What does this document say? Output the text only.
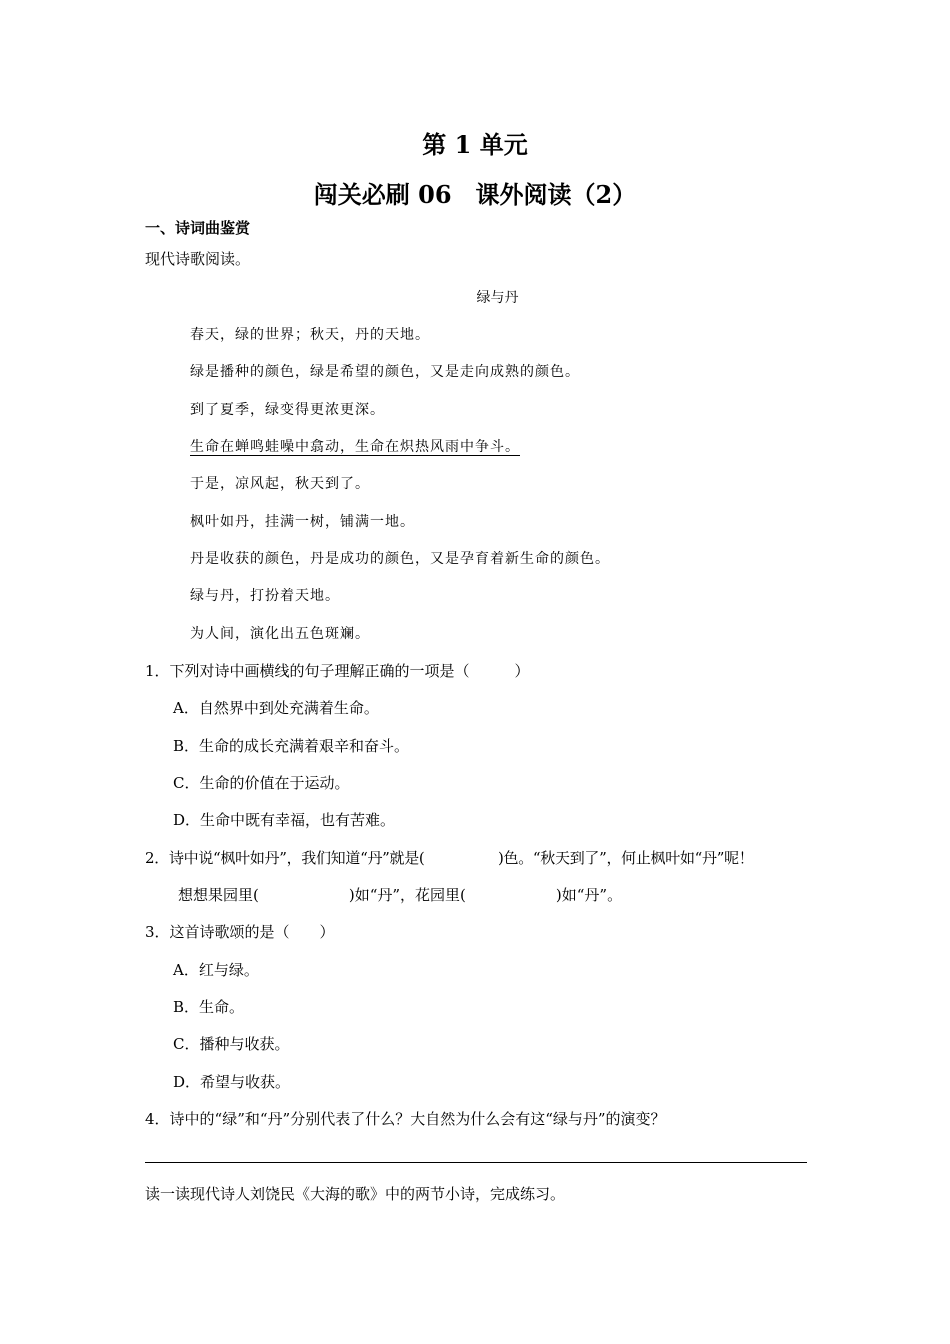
第 1 单元
闯关必刷 06　课外阅读（2）
一、诗词曲鉴赏
现代诗歌阅读。
绿与丹
春天，绿的世界；秋天，丹的天地。
绿是播种的颜色，绿是希望的颜色，又是走向成熟的颜色。
到了夏季，绿变得更浓更深。
生命在蝉鸣蛙噪中翕动，生命在炽热风雨中争斗。
于是，凉风起，秋天到了。
枫叶如丹，挂满一树，铺满一地。
丹是收获的颜色，丹是成功的颜色，又是孕育着新生命的颜色。
绿与丹，打扮着天地。
为人间，演化出五色斑斓。
1．下列对诗中画横线的句子理解正确的一项是（　　　）
A．自然界中到处充满着生命。
B．生命的成长充满着艰辛和奋斗。
C．生命的价值在于运动。
D．生命中既有幸福，也有苦难。
2．诗中说“枫叶如丹”，我们知道“丹”就是(　　　　　)色。“秋天到了”，何止枫叶如“丹”呢！
想想果园里(　　　　　　)如“丹”，花园里(　　　　　　)如“丹”。
3．这首诗歌颂的是（　　）
A．红与绿。
B．生命。
C．播种与收获。
D．希望与收获。
4．诗中的“绿”和“丹”分别代表了什么？大自然为什么会有这“绿与丹”的演变？
读一读现代诗人刘饶民《大海的歌》中的两节小诗，完成练习。
